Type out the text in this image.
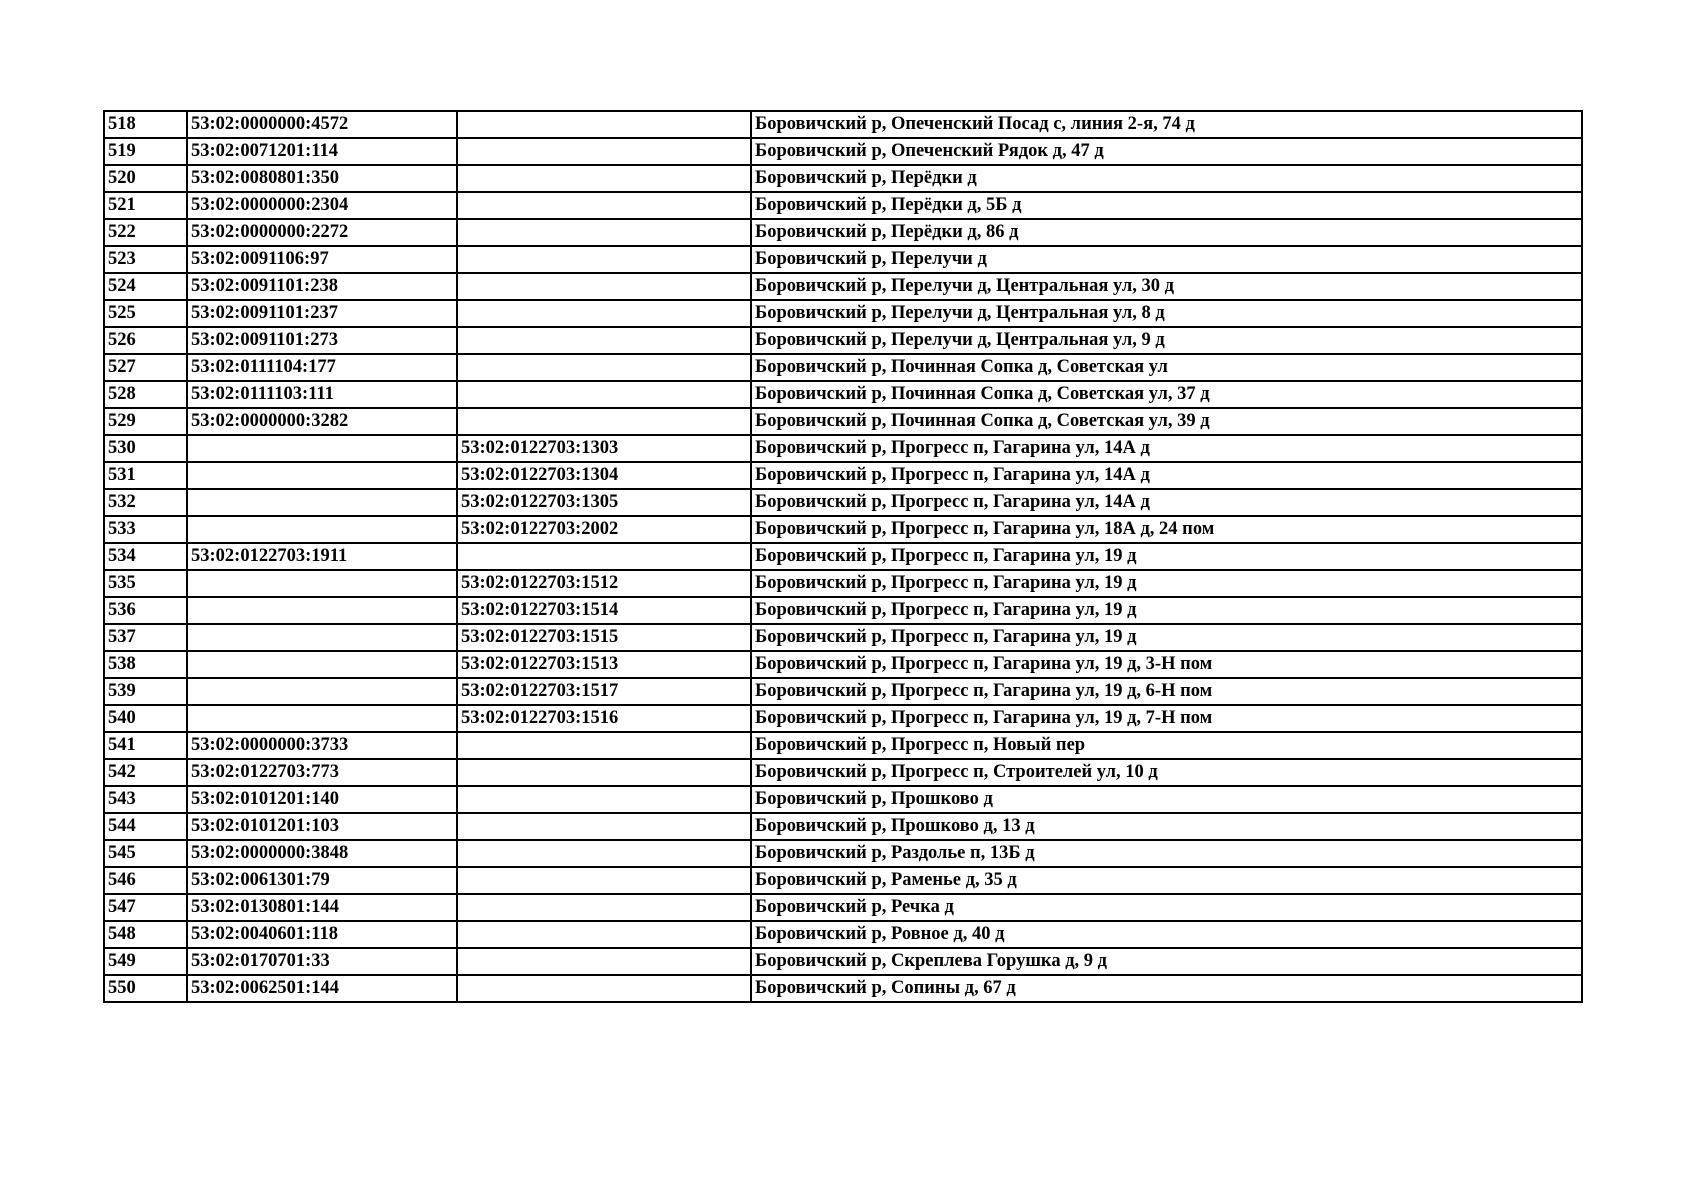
518	53:02:0000000:4572		Боровичский р, Опеченский Посад с, линия 2-я, 74 д
519	53:02:0071201:114		Боровичский р, Опеченский Рядок д, 47 д
520	53:02:0080801:350		Боровичский р, Перёдки д
521	53:02:0000000:2304		Боровичский р, Перёдки д, 5Б д
522	53:02:0000000:2272		Боровичский р, Перёдки д, 86 д
523	53:02:0091106:97		Боровичский р, Перелучи д
524	53:02:0091101:238		Боровичский р, Перелучи д, Центральная ул, 30 д
525	53:02:0091101:237		Боровичский р, Перелучи д, Центральная ул, 8 д
526	53:02:0091101:273		Боровичский р, Перелучи д, Центральная ул, 9 д
527	53:02:0111104:177		Боровичский р, Починная Сопка д, Советская ул
528	53:02:0111103:111		Боровичский р, Починная Сопка д, Советская ул, 37 д
529	53:02:0000000:3282		Боровичский р, Починная Сопка д, Советская ул, 39 д
530		53:02:0122703:1303	Боровичский р, Прогресс п, Гагарина ул, 14А д
531		53:02:0122703:1304	Боровичский р, Прогресс п, Гагарина ул, 14А д
532		53:02:0122703:1305	Боровичский р, Прогресс п, Гагарина ул, 14А д
533		53:02:0122703:2002	Боровичский р, Прогресс п, Гагарина ул, 18А д, 24 пом
534	53:02:0122703:1911		Боровичский р, Прогресс п, Гагарина ул, 19 д
535		53:02:0122703:1512	Боровичский р, Прогресс п, Гагарина ул, 19 д
536		53:02:0122703:1514	Боровичский р, Прогресс п, Гагарина ул, 19 д
537		53:02:0122703:1515	Боровичский р, Прогресс п, Гагарина ул, 19 д
538		53:02:0122703:1513	Боровичский р, Прогресс п, Гагарина ул, 19 д, 3-Н пом
539		53:02:0122703:1517	Боровичский р, Прогресс п, Гагарина ул, 19 д, 6-Н пом
540		53:02:0122703:1516	Боровичский р, Прогресс п, Гагарина ул, 19 д, 7-Н пом
541	53:02:0000000:3733		Боровичский р, Прогресс п, Новый пер
542	53:02:0122703:773		Боровичский р, Прогресс п, Строителей ул, 10 д
543	53:02:0101201:140		Боровичский р, Прошково д
544	53:02:0101201:103		Боровичский р, Прошково д, 13 д
545	53:02:0000000:3848		Боровичский р, Раздолье п, 13Б д
546	53:02:0061301:79		Боровичский р, Раменье д, 35 д
547	53:02:0130801:144		Боровичский р, Речка д
548	53:02:0040601:118		Боровичский р, Ровное д, 40 д
549	53:02:0170701:33		Боровичский р, Скреплева Горушка д, 9 д
550	53:02:0062501:144		Боровичский р, Сопины д, 67 д
